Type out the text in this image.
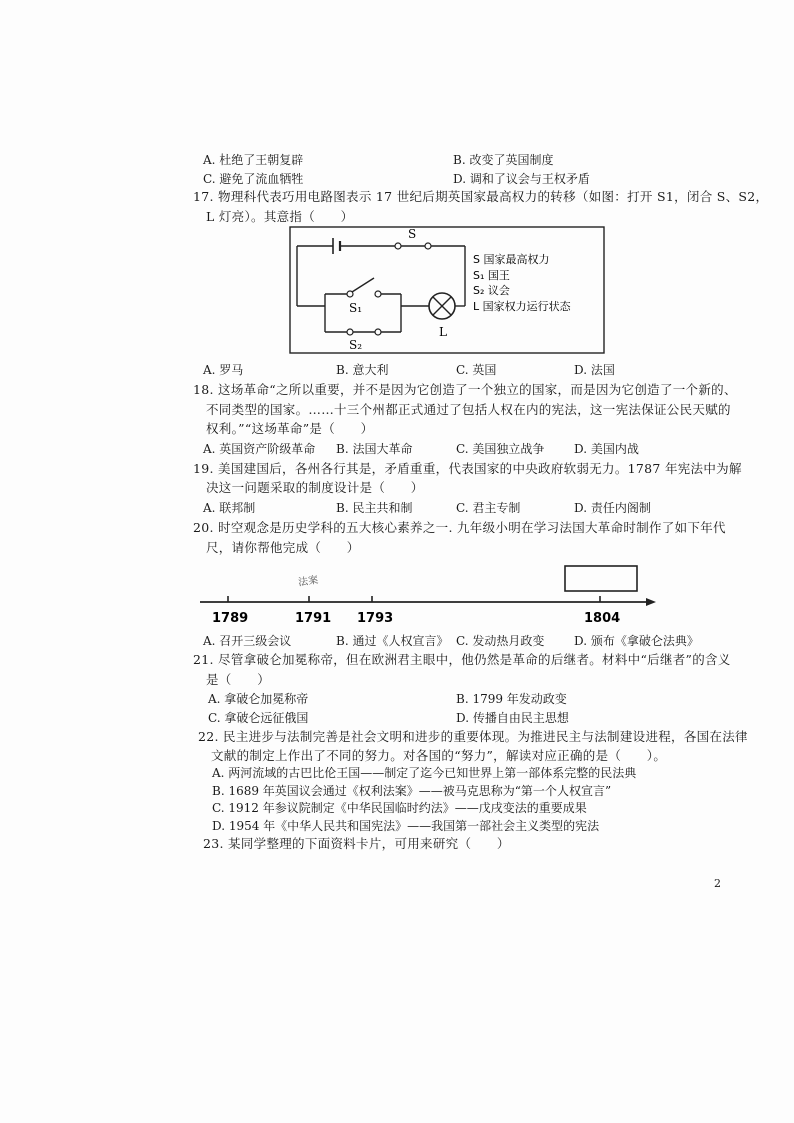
A. 杜绝了王朝复辟	B. 改变了英国制度
C. 避免了流血牺牲	D. 调和了议会与王权矛盾
17. 物理科代表巧用电路图表示 17 世纪后期英国家最高权力的转移（如图：打开 S1，闭合 S、S2，
L 灯亮）。其意指（　　）
S
S₁
S₂
L
S 国家最高权力
S₁ 国王
S₂ 议会
L 国家权力运行状态
A. 罗马	B. 意大利	C. 英国	D. 法国
18. 这场革命“之所以重要，并不是因为它创造了一个独立的国家，而是因为它创造了一个新的、
不同类型的国家。……十三个州都正式通过了包括人权在内的宪法，这一宪法保证公民天赋的
权利。”“这场革命”是（　　）
A. 英国资产阶级革命 B. 法国大革命	C. 美国独立战争 D. 美国内战
19. 美国建国后，各州各行其是，矛盾重重，代表国家的中央政府软弱无力。1787 年宪法中为解
决这一问题采取的制度设计是（　　）
A. 联邦制	B. 民主共和制	C. 君主专制	D. 责任内阁制
20. 时空观念是历史学科的五大核心素养之一. 九年级小明在学习法国大革命时制作了如下年代
尺，请你帮他完成（　　）
法案
1789	1791 1793	1804
A. 召开三级会议	B. 通过《人权宣言》 C. 发动热月政变 D. 颁布《拿破仑法典》
21. 尽管拿破仑加冕称帝，但在欧洲君主眼中，他仍然是革命的后继者。材料中“后继者”的含义
是（　　）
A. 拿破仑加冕称帝	B. 1799 年发动政变
C. 拿破仑远征俄国	D. 传播自由民主思想
22. 民主进步与法制完善是社会文明和进步的重要体现。为推进民主与法制建设进程，各国在法律
文献的制定上作出了不同的努力。对各国的“努力”，解读对应正确的是（　　）。
A. 两河流域的古巴比伦王国——制定了迄今已知世界上第一部体系完整的民法典
B. 1689 年英国议会通过《权利法案》——被马克思称为“第一个人权宣言”
C. 1912 年参议院制定《中华民国临时约法》——戊戌变法的重要成果
D. 1954 年《中华人民共和国宪法》——我国第一部社会主义类型的宪法
23. 某同学整理的下面资料卡片，可用来研究（　　）
2
